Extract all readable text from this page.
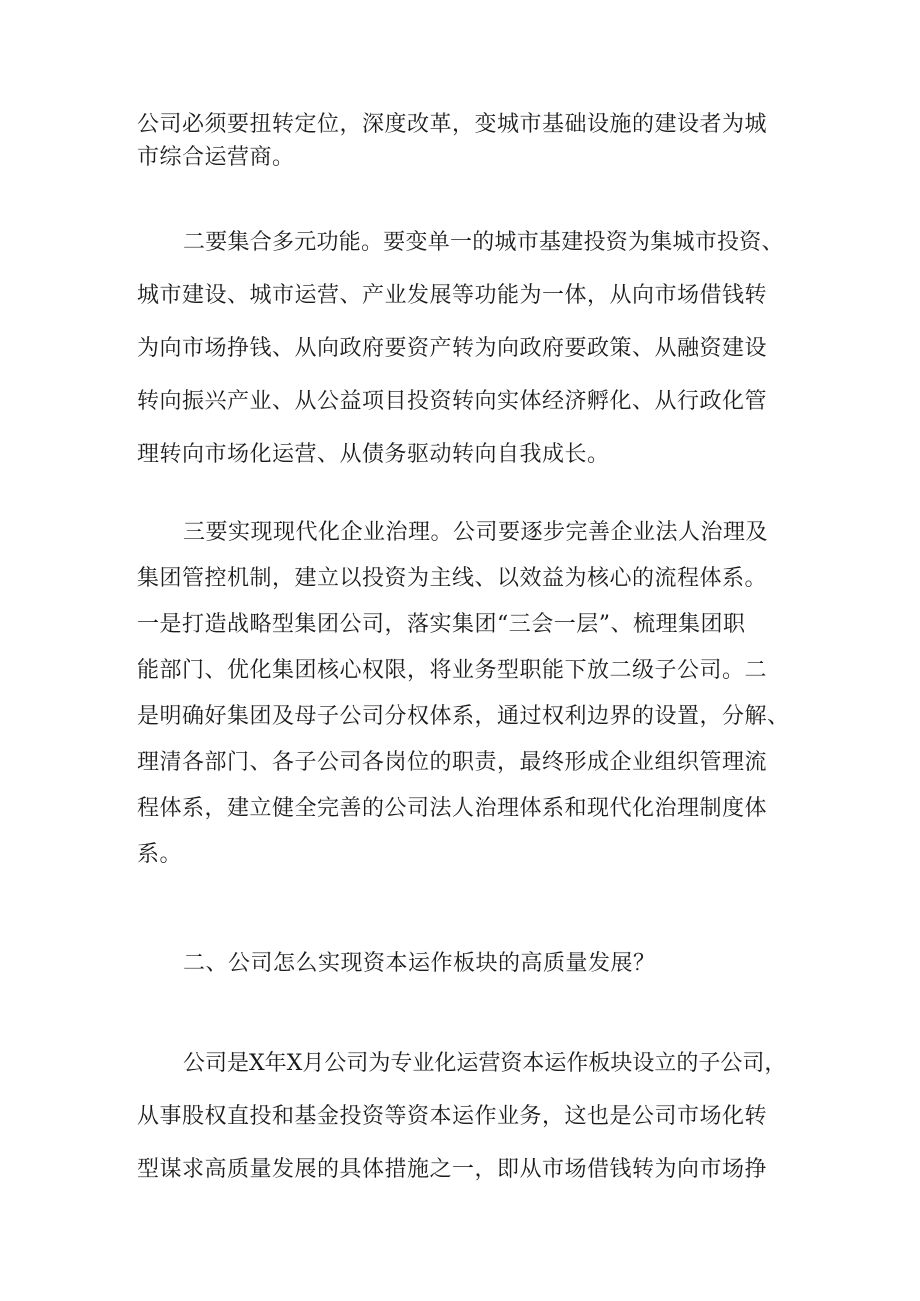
公司必须要扭转定位，深度改革，变城市基础设施的建设者为城
市综合运营商。
二要集合多元功能。要变单一的城市基建投资为集城市投资、
城市建设、城市运营、产业发展等功能为一体，从向市场借钱转
为向市场挣钱、从向政府要资产转为向政府要政策、从融资建设
转向振兴产业、从公益项目投资转向实体经济孵化、从行政化管
理转向市场化运营、从债务驱动转向自我成长。
三要实现现代化企业治理。公司要逐步完善企业法人治理及
集团管控机制，建立以投资为主线、以效益为核心的流程体系。
一是打造战略型集团公司，落实集团“三会一层”、梳理集团职
能部门、优化集团核心权限，将业务型职能下放二级子公司。二
是明确好集团及母子公司分权体系，通过权利边界的设置，分解、
理清各部门、各子公司各岗位的职责，最终形成企业组织管理流
程体系，建立健全完善的公司法人治理体系和现代化治理制度体
系。
二、公司怎么实现资本运作板块的高质量发展？
公司是X年X月公司为专业化运营资本运作板块设立的子公司，
从事股权直投和基金投资等资本运作业务，这也是公司市场化转
型谋求高质量发展的具体措施之一，即从市场借钱转为向市场挣
